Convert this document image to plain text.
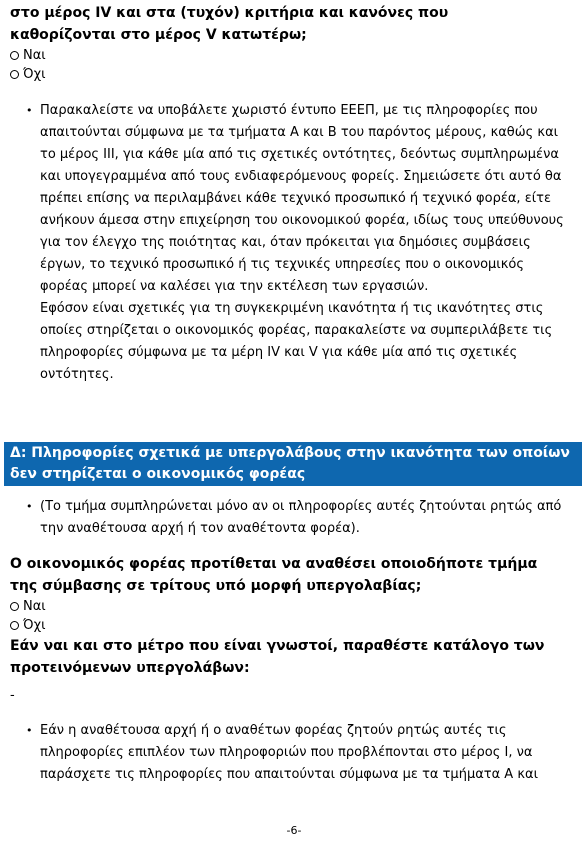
στο μέρος IV και στα (τυχόν) κριτήρια και κανόνες που καθορίζονται στο μέρος V κατωτέρω;

Ναι
Όχι
• Παρακαλείστε να υποβάλετε χωριστό έντυπο ΕΕΕΠ, με τις πληροφορίες που απαιτούνται σύμφωνα με τα τμήματα Α και Β του παρόντος μέρους, καθώς και το μέρος ΙΙΙ, για κάθε μία από τις σχετικές οντότητες, δεόντως συμπληρωμένα και υπογεγραμμένα από τους ενδιαφερόμενους φορείς. Σημειώσετε ότι αυτό θα πρέπει επίσης να περιλαμβάνει κάθε τεχνικό προσωπικό ή τεχνικό φορέα, είτε ανήκουν άμεσα στην επιχείρηση του οικονομικού φορέα, ιδίως τους υπεύθυνους για τον έλεγχο της ποιότητας και, όταν πρόκειται για δημόσιες συμβάσεις έργων, το τεχνικό προσωπικό ή τις τεχνικές υπηρεσίες που ο οικονομικός φορέας μπορεί να καλέσει για την εκτέλεση των εργασιών.

Εφόσον είναι σχετικές για τη συγκεκριμένη ικανότητα ή τις ικανότητες στις οποίες στηρίζεται ο οικονομικός φορέας, παρακαλείστε να συμπεριλάβετε τις πληροφορίες σύμφωνα με τα μέρη IV και V για κάθε μία από τις σχετικές οντότητες.

Δ: Πληροφορίες σχετικά με υπεργολάβους στην ικανότητα των οποίων δεν στηρίζεται ο οικονομικός φορέας
• (Το τμήμα συμπληρώνεται μόνο αν οι πληροφορίες αυτές ζητούνται ρητώς από την αναθέτουσα αρχή ή τον αναθέτοντα φορέα).

Ο οικονομικός φορέας προτίθεται να αναθέσει οποιοδήποτε τμήμα της σύμβασης σε τρίτους υπό μορφή υπεργολαβίας;

Ναι
Όχι

Εάν ναι και στο μέτρο που είναι γνωστοί, παραθέστε κατάλογο των προτεινόμενων υπεργολάβων:

-
• Εάν η αναθέτουσα αρχή ή ο αναθέτων φορέας ζητούν ρητώς αυτές τις πληροφορίες επιπλέον των πληροφοριών που προβλέπονται στο μέρος Ι, να παράσχετε τις πληροφορίες που απαιτούνται σύμφωνα με τα τμήματα Α και

-6-
